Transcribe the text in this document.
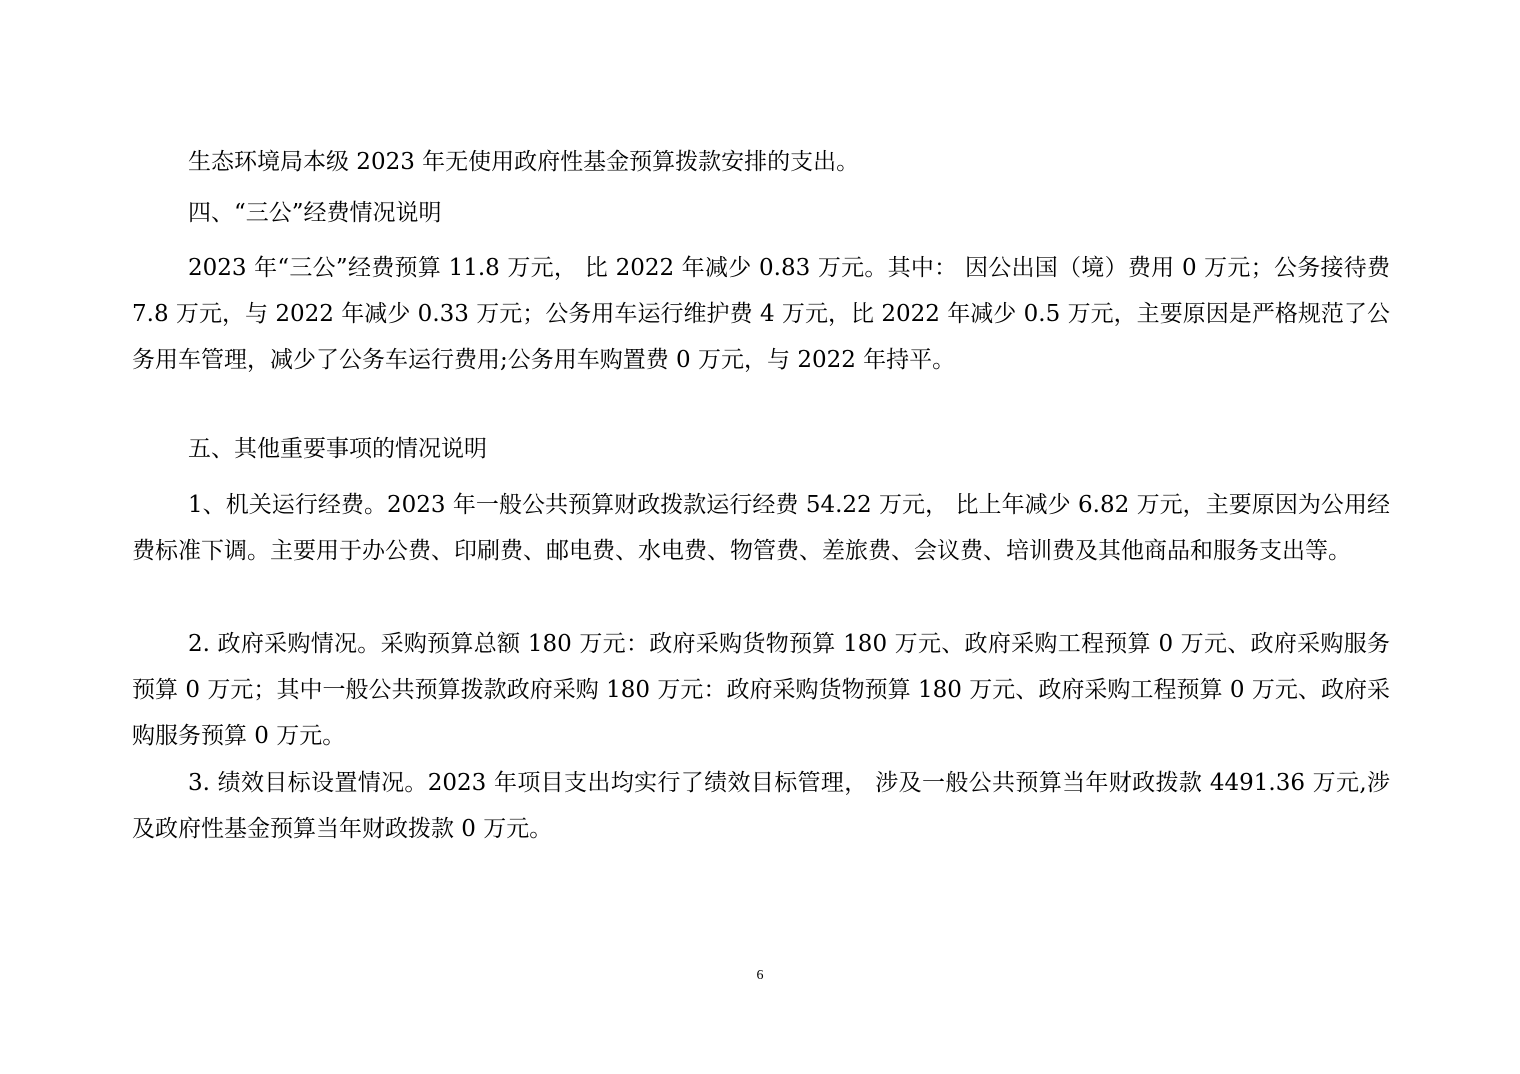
生态环境局本级 2023 年无使用政府性基金预算拨款安排的支出。

四、“三公”经费情况说明

2023 年“三公”经费预算 11.8 万元， 比 2022 年减少 0.83 万元。其中： 因公出国（境）费用 0 万元；公务接待费 7.8 万元，与 2022 年减少 0.33 万元；公务用车运行维护费 4 万元，比 2022 年减少 0.5 万元，主要原因是严格规范了公务用车管理，减少了公务车运行费用;公务用车购置费 0 万元，与 2022 年持平。

五、其他重要事项的情况说明

1、机关运行经费。2023 年一般公共预算财政拨款运行经费 54.22 万元， 比上年减少 6.82 万元，主要原因为公用经费标准下调。主要用于办公费、印刷费、邮电费、水电费、物管费、差旅费、会议费、培训费及其他商品和服务支出等。

2. 政府采购情况。采购预算总额 180 万元：政府采购货物预算 180 万元、政府采购工程预算 0 万元、政府采购服务预算 0 万元；其中一般公共预算拨款政府采购 180 万元：政府采购货物预算 180 万元、政府采购工程预算 0 万元、政府采购服务预算 0 万元。

3. 绩效目标设置情况。2023 年项目支出均实行了绩效目标管理， 涉及一般公共预算当年财政拨款 4491.36 万元,涉及政府性基金预算当年财政拨款 0 万元。

6
